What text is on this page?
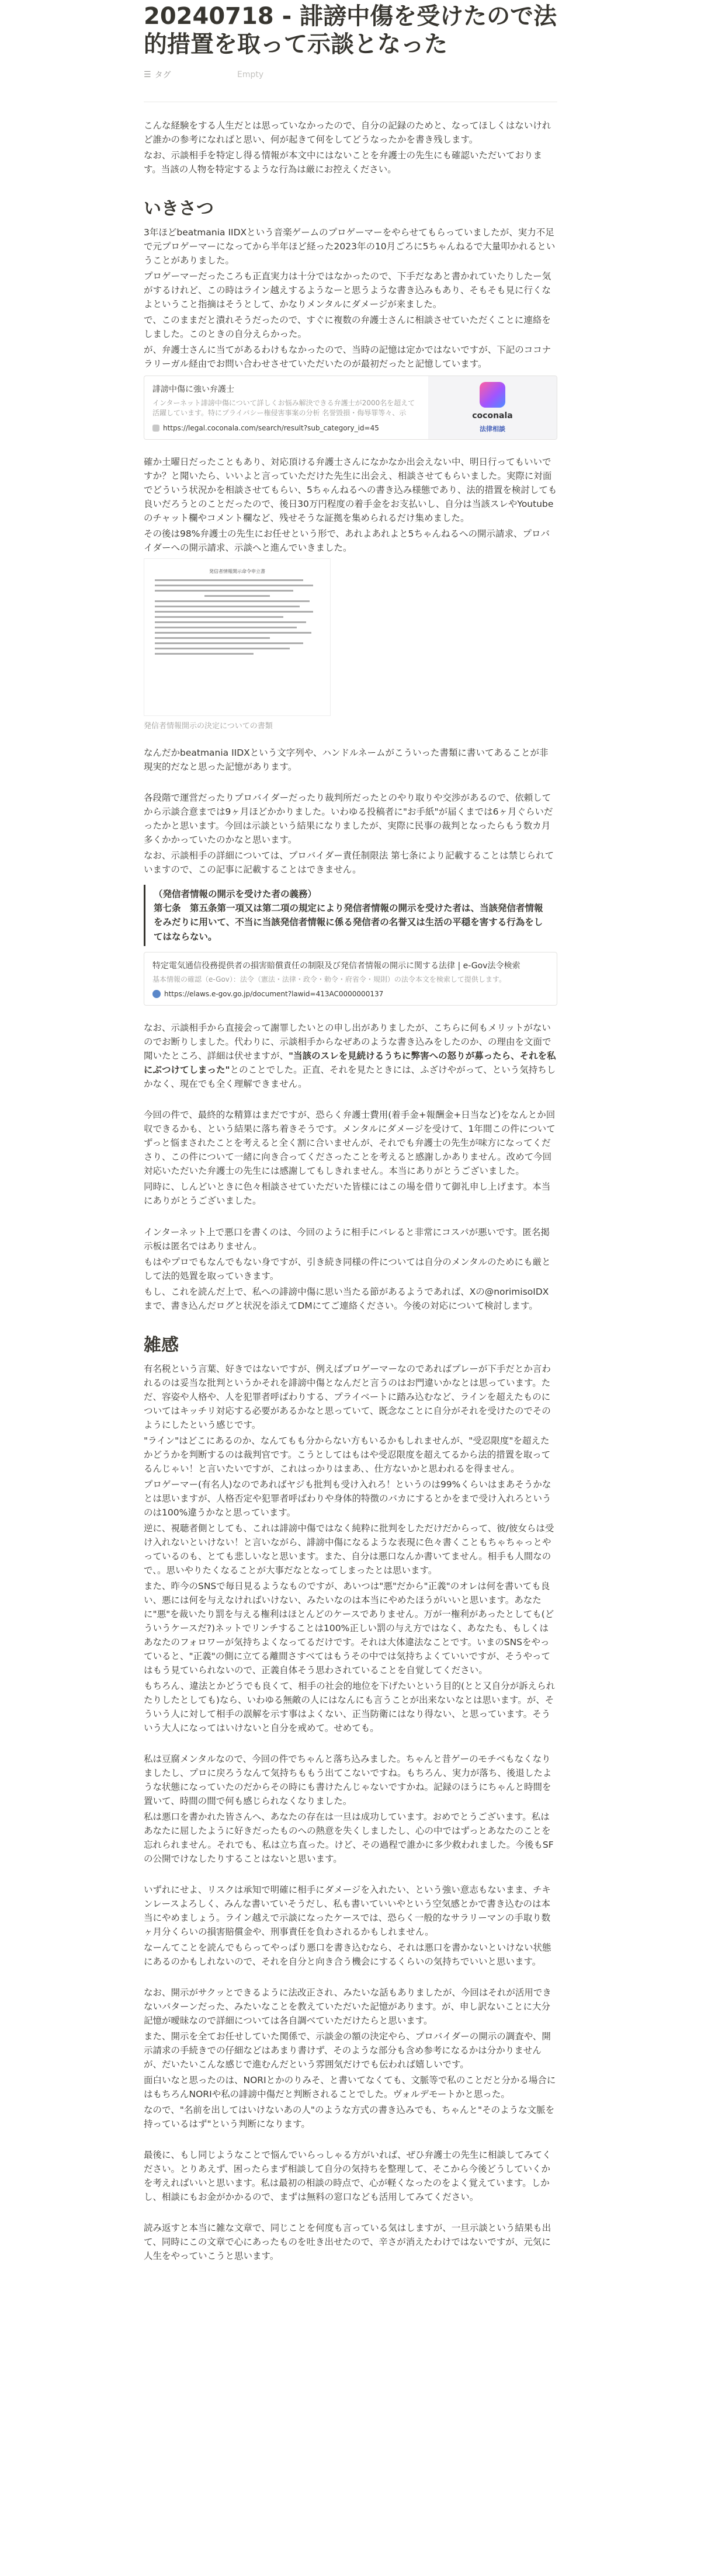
20240718 - 誹謗中傷を受けたので法的措置を取って示談となった
☰ タグ	Empty

こんな経験をする人生だとは思っていなかったので、自分の記録のためと、なってほしくはないけれど誰かの参考になればと思い、何が起きて何をしてどうなったかを書き残します。

なお、示談相手を特定し得る情報が本文中にはないことを弁護士の先生にも確認いただいております。当該の人物を特定するような行為は厳にお控えください。

いきさつ

3年ほどbeatmania IIDXという音楽ゲームのプロゲーマーをやらせてもらっていましたが、実力不足で元プロゲーマーになってから半年ほど経った2023年の10月ごろに5ちゃんねるで大量叩かれるということがありました。

プロゲーマーだったころも正直実力は十分ではなかったので、下手だなあと書かれていたりしたー気がするけれど、この時はライン越えするようなーと思うような書き込みもあり、そもそも見に行くなよということ指摘はそうとして、かなりメンタルにダメージが来ました。

で、このままだと潰れそうだったので、すぐに複数の弁護士さんに相談させていただくことに連絡をしました。このときの自分えらかった。

が、弁護士さんに当てがあるわけもなかったので、当時の記憶は定かではないですが、下記のココナラリーガル経由でお問い合わせさせていただいたのが最初だったと記憶しています。

誹謗中傷に強い弁護士
インターネット誹謗中傷について詳しくお悩み解決できる弁護士が2000名を超えて活躍しています。特にプライバシー権侵害事案の分析 名誉毀損・侮辱罪等々、示
https://legal.coconala.com/search/result?sub_category_id=45
coconala
法律相談

確か土曜日だったこともあり、対応頂ける弁護士さんになかなか出会えない中、明日行ってもいいですか？と聞いたら、いいよと言っていただけた先生に出会え、相談させてもらいました。実際に対面でどういう状況かを相談させてもらい、5ちゃんねるへの書き込み様態であり、法的措置を検討しても良いだろうとのことだったので、後日30万円程度の着手金をお支払いし、自分は当該スレやYoutubeのチャット欄やコメント欄など、残せそうな証拠を集められるだけ集めました。

その後は98%弁護士の先生にお任せという形で、あれよあれよと5ちゃんねるへの開示請求、プロバイダーへの開示請求、示談へと進んでいきました。

発信者情報開示命令申立書
発信者情報開示の決定についての書類

なんだかbeatmania IIDXという文字列や、ハンドルネームがこういった書類に書いてあることが非現実的だなと思った記憶があります。

各段階で運営だったりプロバイダーだったり裁判所だったとのやり取りや交渉があるので、依頼してから示談合意までは9ヶ月ほどかかりました。いわゆる投稿者に"お手紙"が届くまでは6ヶ月ぐらいだったかと思います。今回は示談という結果になりましたが、実際に民事の裁判となったらもう数カ月多くかかっていたのかなと思います。

なお、示談相手の詳細については、プロバイダー責任制限法 第七条により記載することは禁じられていますので、この記事に記載することはできません。

（発信者情報の開示を受けた者の義務）
第七条　第五条第一項又は第二項の規定により発信者情報の開示を受けた者は、当該発信者情報をみだりに用いて、不当に当該発信者情報に係る発信者の名誉又は生活の平穏を害する行為をしてはならない。
特定電気通信役務提供者の損害賠償責任の制限及び発信者情報の開示に関する法律 | e-Gov法令検索
基本情報の確認（e-Gov）：法令（憲法・法律・政令・勅令・府省令・規則）の法令本文を検索して提供します。
https://elaws.e-gov.go.jp/document?lawid=413AC0000000137

なお、示談相手から直接会って謝罪したいとの申し出がありましたが、こちらに何もメリットがないのでお断りしました。代わりに、示談相手からなぜあのような書き込みをしたのか、の理由を文面で聞いたところ、詳細は伏せますが、"当該のスレを見続けるうちに弊害への怒りが募ったら、それを私にぶつけてしまった"とのことでした。正直、それを見たときには、ふざけやがって、という気持ちしかなく、現在でも全く理解できません。

今回の件で、最終的な精算はまだですが、恐らく弁護士費用(着手金+報酬金+日当など)をなんとか回収できるかも、という結果に落ち着きそうです。メンタルにダメージを受けて、1年間この件についてずっと悩まされたことを考えると全く割に合いませんが、それでも弁護士の先生が味方になってくださり、この件について一緒に向き合ってくださったことを考えると感謝しかありません。改めて今回対応いただいた弁護士の先生には感謝してもしきれません。本当にありがとうございました。

同時に、しんどいときに色々相談させていただいた皆様にはこの場を借りて御礼申し上げます。本当にありがとうございました。

インターネット上で悪口を書くのは、今回のように相手にバレると非常にコスパが悪いです。匿名掲示板は匿名ではありません。

もはやプロでもなんでもない身ですが、引き続き同様の件については自分のメンタルのためにも厳として法的処置を取っていきます。

もし、これを読んだ上で、私への誹謗中傷に思い当たる節があるようであれば、Xの@norimisoIDXまで、書き込んだログと状況を添えてDMにてご連絡ください。今後の対応について検討します。

雑感

有名税という言葉、好きではないですが、例えばプロゲーマーなのであればプレーが下手だとか言われるのは妥当な批判というかそれを誹謗中傷となんだと言うのはお門違いかなとは思っています。ただ、容姿や人格や、人を犯罪者呼ばわりする、プライベートに踏み込むなど、ラインを超えたものについてはキッチリ対応する必要があるかなと思っていて、既念なことに自分がそれを受けたのでそのようにしたという感じです。

"ライン"はどこにあるのか、なんてもも分からない方もいるかもしれませんが、"受忍限度"を超えたかどうかを判断するのは裁判官です。こうとしてはもはや受忍限度を超えてるから法的措置を取ってるんじゃい！と言いたいですが、これはっかりはまあ、、仕方ないかと思われるを得ません。

プロゲーマー(有名人)なのであればヤジも批判も受け入れろ！というのは99%くらいはまあそうかなとは思いますが、人格否定や犯罪者呼ばわりや身体的特徴のバカにするとかをまで受け入れろというのは100%違うかなと思っています。

逆に、視聴者側としても、これは誹謗中傷ではなく純粋に批判をしただけだからって、彼/彼女らは受け入れないといけない！と言いながら、誹謗中傷になるような表現に色々書くこともちゃちゃっとやっているのも、とても悲しいなと思います。また、自分は悪口なんか書いてません。相手も人間なので、。思いやりたくなることが大事だなとなってしまったとは思います。

また、昨今のSNSで毎日見るようなものですが、あいつは"悪"だから"正義"のオレは何を書いても良い、悪には何を与えなければいけない、みたいなのは本当にやめたほうがいいと思います。あなたに"悪"を裁いたり罰を与える権利はほとんどのケースでありません。万が一権利があったとしても(どういうケースだ?)ネットでリンチすることは100%正しい罰の与え方ではなく、あなたも、もしくはあなたのフォロワーが気持ちよくなってるだけです。それは大体違法なことです。いまのSNSをやっていると、"正義"の側に立てる離間さすべてはもうその中では気持ちよくていいですが、そうやってはもう見ていられないので、正義自体そう思わされていることを自覚してください。

もちろん、違法とかどうでも良くて、相手の社会的地位を下げたいという目的(とと又自分が訴えられたりしたとしても)なら、いわゆる無敵の人にはなんにも言うことが出来ないなとは思います。が、そういう人に対して相手の誤解を示す事はよくない、正当防衛にはなり得ない、と思っています。そういう大人になってはいけないと自分を戒めて。せめても。

私は豆腐メンタルなので、今回の件でちゃんと落ち込みました。ちゃんと昔ゲーのモチベもなくなりましたし、プロに戻ろうなんて気持ちももう出てこないですね。もちろん、実力が落ち、後退したような状態になっていたのだからその時にも書けたんじゃないですかね。記録のほうにちゃんと時間を置いて、時間の間で何も感じられなくなりました。

私は悪口を書かれた皆さんへ、あなたの存在は一旦は成功しています。おめでとうございます。私はあなたに屈したように好きだったものへの熱意を失くしましたし、心の中ではずっとあなたのことを忘れられません。それでも、私は立ち直った。けど、その過程で誰かに多少救われました。今後もSFの公開でけなしたりすることはないと思います。

いずれにせよ、リスクは承知で明確に相手にダメージを入れたい、という強い意志もないまま、チキンレースよろしく、みんな書いていそうだし、私も書いていいやという空気感とかで書き込むのは本当にやめましょう。ライン越えで示談になったケースでは、恐らく一般的なサラリーマンの手取り数ヶ月分くらいの損害賠償金や、刑事責任を負わされるかもしれません。

なーんてことを読んでもらってやっぱり悪口を書き込むなら、それは悪口を書かないといけない状態にあるのかもしれないので、それを自分と向き合う機会にするくらいの気持ちでいいと思います。

なお、開示がサクッとできるように法改正され、みたいな話もありましたが、今回はそれが活用できないパターンだった、みたいなことを教えていただいた記憶があります。が、申し訳ないことに大分記憶が曖昧なので詳細については各自調べていただけたらと思います。

また、開示を全てお任せしていた関係で、示談金の額の決定やら、プロバイダーの開示の調査や、開示請求の手続きでの仔細などはあまり書けず、そのような部分も含め参考になるかは分かりませんが、だいたいこんな感じで進むんだという雰囲気だけでも伝われば嬉しいです。

面白いなと思ったのは、NORIとかのりみそ、と書いてなくても、文脈等で私のことだと分かる場合にはもちろんNORIや私の誹謗中傷だと判断されることでした。ヴォルデモートかと思った。

なので、"名前を出してはいけないあの人"のような方式の書き込みでも、ちゃんと"そのような文脈を持っているはず"という判断になります。

最後に、もし同じようなことで悩んでいらっしゃる方がいれば、ぜひ弁護士の先生に相談してみてください。とりあえず、困ったらまず相談して自分の気持ちを整理して、そこから今後どうしていくかを考えればいいと思います。私は最初の相談の時点で、心が軽くなったのをよく覚えています。しかし、相談にもお金がかかるので、まずは無料の窓口なども活用してみてください。

読み返すと本当に雑な文章で、同じことを何度も言っている気はしますが、一旦示談という結果も出て、同時にこの文章で心にあったものを吐き出せたので、辛さが消えたわけではないですが、元気に人生をやっていこうと思います。
